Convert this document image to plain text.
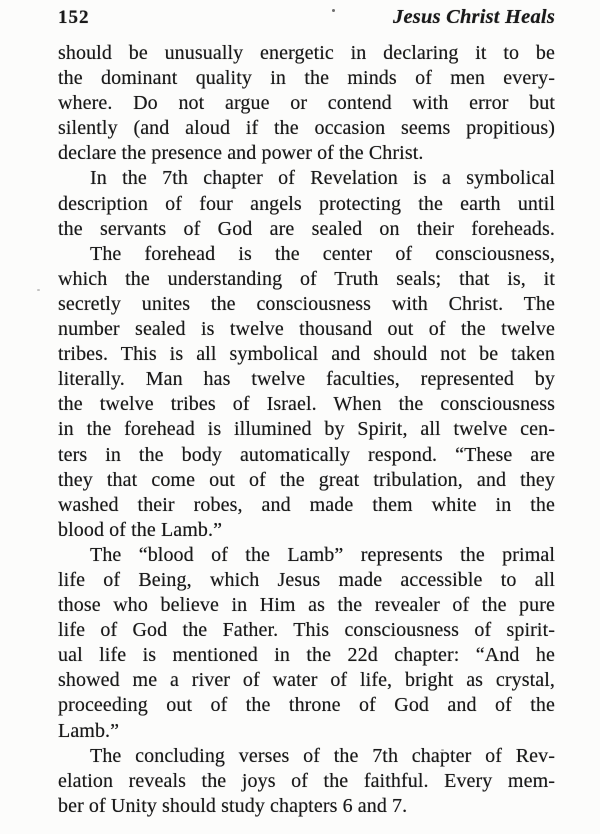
152	Jesus Christ Heals

should be unusually energetic in declaring it to be
the dominant quality in the minds of men every-
where. Do not argue or contend with error but
silently (and aloud if the occasion seems propitious)
declare the presence and power of the Christ.

In the 7th chapter of Revelation is a symbolical
description of four angels protecting the earth until
the servants of God are sealed on their foreheads.

The forehead is the center of consciousness,
which the understanding of Truth seals; that is, it
secretly unites the consciousness with Christ. The
number sealed is twelve thousand out of the twelve
tribes. This is all symbolical and should not be taken
literally. Man has twelve faculties, represented by
the twelve tribes of Israel. When the consciousness
in the forehead is illumined by Spirit, all twelve cen-
ters in the body automatically respond. “These are
they that come out of the great tribulation, and they
washed their robes, and made them white in the
blood of the Lamb.”

The “blood of the Lamb” represents the primal
life of Being, which Jesus made accessible to all
those who believe in Him as the revealer of the pure
life of God the Father. This consciousness of spirit-
ual life is mentioned in the 22d chapter: “And he
showed me a river of water of life, bright as crystal,
proceeding out of the throne of God and of the
Lamb.”

The concluding verses of the 7th chapter of Rev-
elation reveals the joys of the faithful. Every mem-
ber of Unity should study chapters 6 and 7.
